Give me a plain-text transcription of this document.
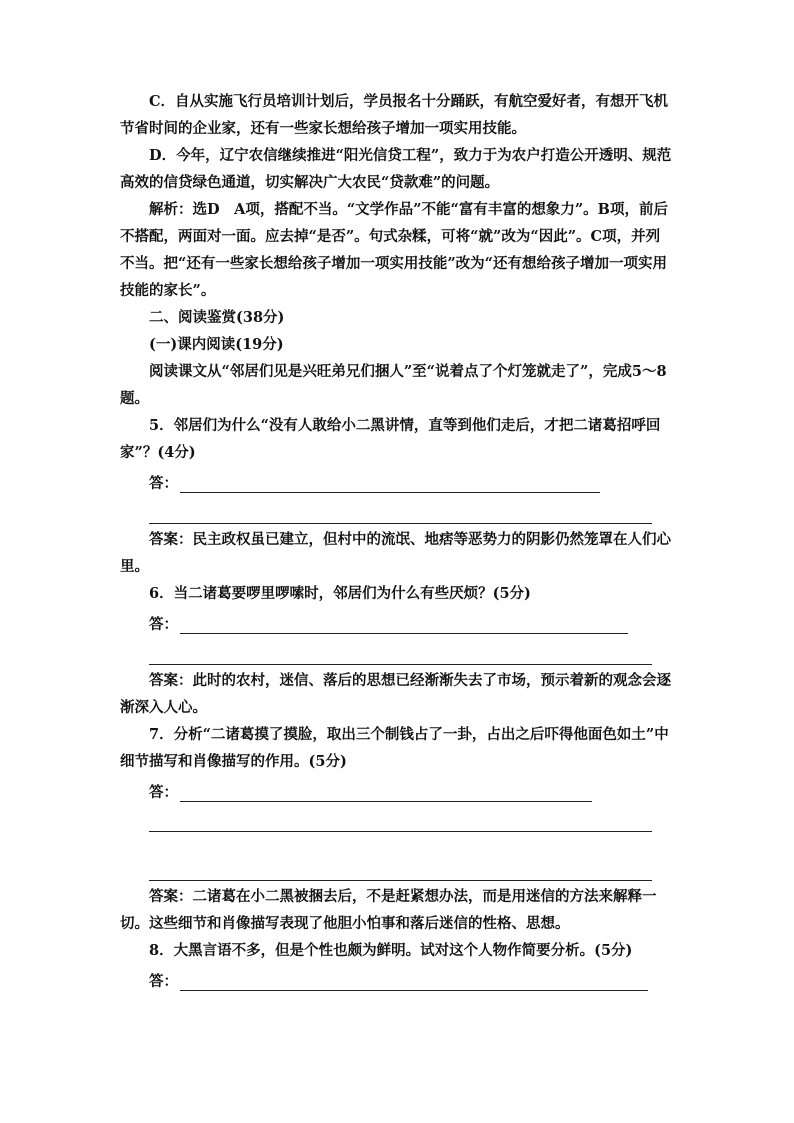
C．自从实施飞行员培训计划后，学员报名十分踊跃，有航空爱好者，有想开飞机节省时间的企业家，还有一些家长想给孩子增加一项实用技能。

D．今年，辽宁农信继续推进“阳光信贷工程”，致力于为农户打造公开透明、规范高效的信贷绿色通道，切实解决广大农民“贷款难”的问题。

解析：选D　A项，搭配不当。“文学作品”不能“富有丰富的想象力”。B项，前后不搭配，两面对一面。应去掉“是否”。句式杂糅，可将“就”改为“因此”。C项，并列不当。把“还有一些家长想给孩子增加一项实用技能”改为“还有想给孩子增加一项实用技能的家长”。

二、阅读鉴赏(38分)

(一)课内阅读(19分)

阅读课文从“邻居们见是兴旺弟兄们捆人”至“说着点了个灯笼就走了”，完成5～8题。

5．邻居们为什么“没有人敢给小二黑讲情，直等到他们走后，才把二诸葛招呼回家”？(4分)

答：

答案：民主政权虽已建立，但村中的流氓、地痞等恶势力的阴影仍然笼罩在人们心里。

6．当二诸葛要啰里啰嗦时，邻居们为什么有些厌烦？(5分)

答：

答案：此时的农村，迷信、落后的思想已经渐渐失去了市场，预示着新的观念会逐渐深入人心。

7．分析“二诸葛摸了摸脸，取出三个制钱占了一卦，占出之后吓得他面色如土”中细节描写和肖像描写的作用。(5分)

答：

答案：二诸葛在小二黑被捆去后，不是赶紧想办法，而是用迷信的方法来解释一切。这些细节和肖像描写表现了他胆小怕事和落后迷信的性格、思想。

8．大黑言语不多，但是个性也颇为鲜明。试对这个人物作简要分析。(5分)

答：
